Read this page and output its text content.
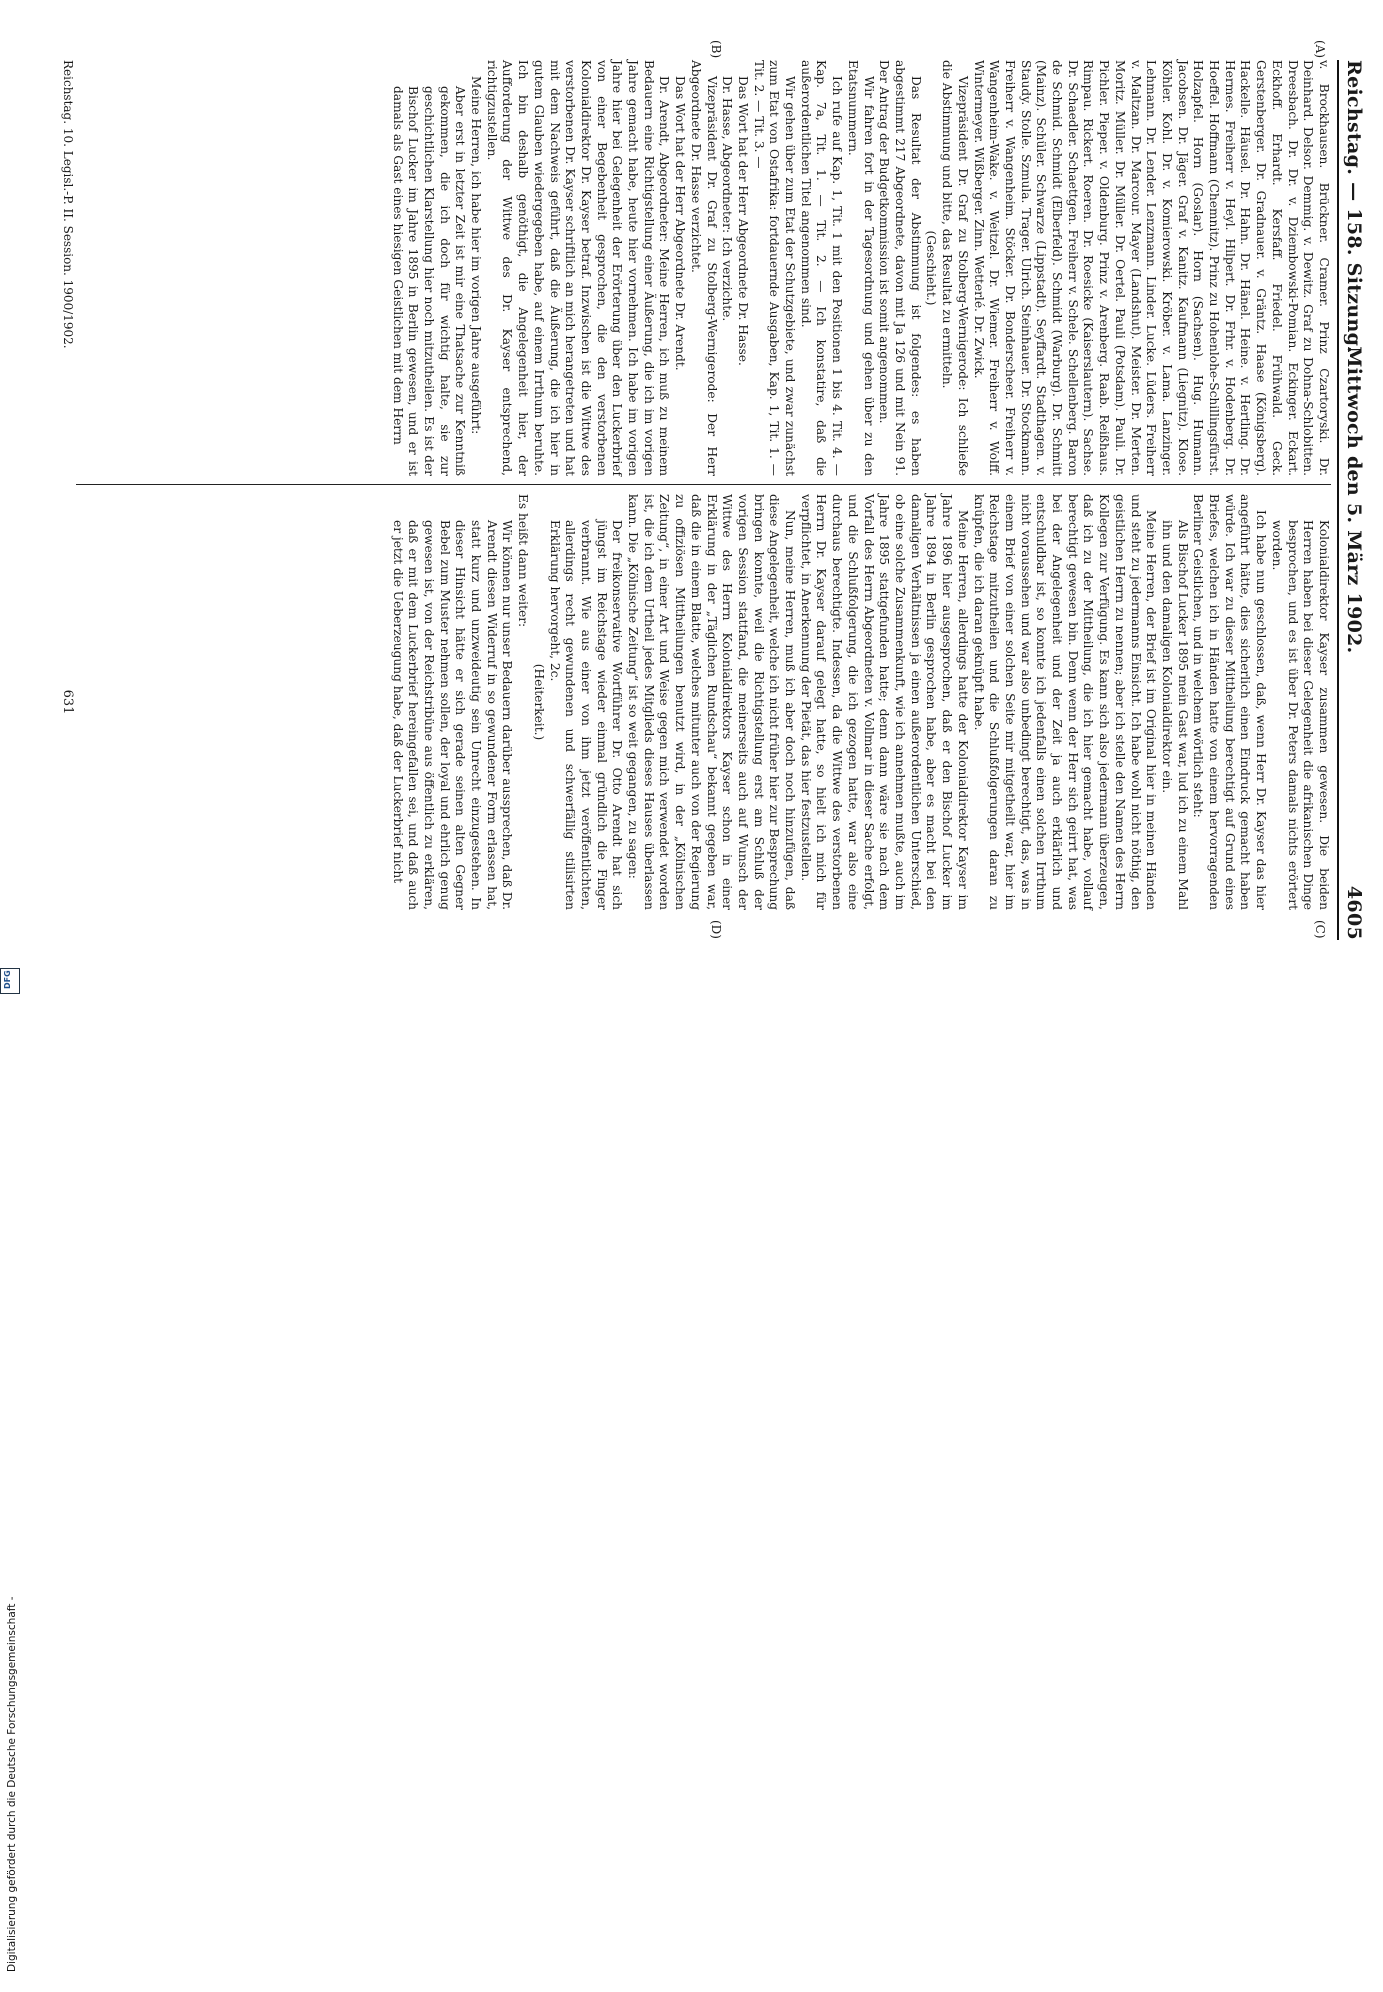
Reichstag. — 158. Sitzung.
Mittwoch den 5. März 1902.
4605
(A)
(B)
(C)
(D)

v. Brockhausen. Brückner. Cramer. Prinz Czartoryski. Dr. Deinhard. Delsor. Demmig. v. Dewitz. Graf zu Dohna-Schlobitten. Dreesbach. Dr. Dr. v. Dziembowski-Pomian. Eckinger. Eckart. Eckhoff. Erhardt. Kersfaff. Friedel. Frühwald. Geck. Gerstenberger. Dr. Gradnauer. v. Gräntz. Haase (Königsberg). Hackelle. Häusel. Dr. Hahn. Dr. Hänel. Heine. v. Hertling. Dr. Hermes. Freiherr v. Heyl. Hilpert. Dr. Frhr. v. Hodenberg. Dr. Hoeffel. Hoffmann (Chemnitz). Prinz zu Hohenlohe-Schillingsfürst. Holzapfel. Horn (Goslar). Horn (Sachsen). Hug. Humann. Jacobsen. Dr. Jäger. Graf v. Kanitz. Kaufmann (Liegnitz). Klose. Köhler. Kohl. Dr. v. Komierowski. Kröber. v. Lama. Lanzinger. Lehmann. Dr. Lender. Lenzmann. Linder. Lucke. Lüders. Freiherr v. Maltzan. Dr. Marcour. Mayer (Landshut). Meister. Dr. Merten. Moritz. Müller. Dr. Müller. Dr. Oertel. Pauli (Potsdam). Pauli. Dr. Pichler. Pieper. v. Oldenburg. Prinz v. Arenberg. Raab. Reißhaus. Rimpau. Rickert. Roeren. Dr. Roesicke (Kaiserslautern). Sachse. Dr. Schaedler. Schaettgen. Freiherr v. Schele. Schellenberg. Baron de Schmid. Schmidt (Elberfeld). Schmidt (Warburg). Dr. Schmitt (Mainz). Schüler. Schwarze (Lippstadt). Seyffardt. Stadthagen. v. Staudy. Stolle. Szmula. Trager. Ulrich. Steinhauer. Dr. Stockmann. Freiherr v. Wangenheim. Stöcker. Dr. Bonderscheer. Freiherr v. Wangenheim-Wake. v. Weitzel. Dr. Wiemer. Freiherr v. Wolff. Wintermeyer. Wißberger. Zinn. Wetterlé. Dr. Zwick.

Vizepräsident Dr. Graf zu Stolberg-Wernigerode: Ich schließe die Abstimmung und bitte, das Resultat zu ermitteln.

(Geschieht.)

Das Resultat der Abstimmung ist folgendes: es haben abgestimmt 217 Abgeordnete, davon mit Ja 126 und mit Nein 91. Der Antrag der Budgetkommission ist somit angenommen.

Wir fahren fort in der Tagesordnung und gehen über zu den Etatsnummern.

Ich rufe auf Kap. 1, Tit. 1 mit den Positionen 1 bis 4. Tit. 4. — Kap. 7a, Tit. 1. — Tit. 2. — Ich konstatire, daß die außerordentlichen Titel angenommen sind.

Wir gehen über zum Etat der Schutzgebiete, und zwar zunächst zum Etat von Ostafrika: fortdauernde Ausgaben, Kap. 1, Tit. 1. — Tit. 2. — Tit. 3. —

Das Wort hat der Herr Abgeordnete Dr. Hasse.

Dr. Hasse, Abgeordneter: Ich verzichte.

Vizepräsident Dr. Graf zu Stolberg-Wernigerode: Der Herr Abgeordnete Dr. Hasse verzichtet.

Das Wort hat der Herr Abgeordnete Dr. Arendt.

Dr. Arendt, Abgeordneter: Meine Herren, ich muß zu meinem Bedauern eine Richtigstellung einer Äußerung, die ich im vorigen Jahre gemacht habe, heute hier vornehmen. Ich habe im vorigen Jahre hier bei Gelegenheit der Erörterung über den Luckerbrief von einer Begebenheit gesprochen, die den verstorbenen Kolonialdirektor Dr. Kayser betraf. Inzwischen ist die Wittwe des verstorbenen Dr. Kayser schriftlich an mich herangetreten und hat mit dem Nachweis geführt, daß die Äußerung, die ich hier in gutem Glauben wiedergegeben habe, auf einem Irrthum beruhte. Ich bin deshalb genöthigt, die Angelegenheit hier, der Aufforderung der Wittwe des Dr. Kayser entsprechend, richtigzustellen.

Meine Herren, ich habe hier im vorigen Jahre ausgeführt:

Aber erst in letzter Zeit ist mir eine Thatsache zur Kenntniß gekommen, die ich doch für wichtig halte, sie zur geschichtlichen Klarstellung hier noch mitzutheilen. Es ist der Bischof Lucker im Jahre 1895 in Berlin gewesen, und er ist damals als Gast eines hiesigen Geistlichen mit dem Herrn

Kolonialdirektor Kayser zusammen gewesen. Die beiden Herren haben bei dieser Gelegenheit die afrikanischen Dinge besprochen, und es ist über Dr. Peters damals nichts erörtert worden.

Ich habe nun geschlossen, daß, wenn Herr Dr. Kayser das hier angeführt hätte, dies sicherlich einen Eindruck gemacht haben würde. Ich war zu dieser Mittheilung berechtigt auf Grund eines Briefes, welchen ich in Händen hatte von einem hervorragenden Berliner Geistlichen, und in welchem wörtlich steht:

Als Bischof Lucker 1895 mein Gast war, lud ich zu einem Mahl ihn und den damaligen Kolonialdirektor ein.

Meine Herren, der Brief ist im Original hier in meinen Händen und steht zu jedermanns Einsicht. Ich habe wohl nicht nöthig, den geistlichen Herrn zu nennen; aber ich stelle den Namen des Herrn Kollegen zur Verfügung. Es kann sich also jedermann überzeugen, daß ich zu der Mittheilung, die ich hier gemacht habe, vollauf berechtigt gewesen bin. Denn wenn der Herr sich geirrt hat, was bei der Angelegenheit und der Zeit ja auch erklärlich und entschuldbar ist, so konnte ich jedenfalls einen solchen Irrthum nicht voraussehen und war also unbedingt berechtigt, das, was in einem Brief von einer solchen Seite mir mitgetheilt war, hier im Reichstage mitzutheilen und die Schlußfolgerungen daran zu knüpfen, die ich daran geknüpft habe.

Meine Herren, allerdings hatte der Kolonialdirektor Kayser im Jahre 1896 hier ausgesprochen, daß er den Bischof Lucker im Jahre 1894 in Berlin gesprochen habe, aber es macht bei den damaligen Verhältnissen ja einen außerordentlichen Unterschied, ob eine solche Zusammenkunft, wie ich annehmen mußte, auch im Jahre 1895 stattgefunden hatte; denn dann wäre sie nach dem Vorfall des Herrn Abgeordneten v. Vollmar in dieser Sache erfolgt, und die Schlußfolgerung, die ich gezogen hatte, war also eine durchaus berechtigte. Indessen, da die Wittwe des verstorbenen Herrn Dr. Kayser darauf gelegt hatte, so hielt ich mich für verpflichtet, in Anerkennung der Pietät, das hier festzustellen.

Nun, meine Herren, muß ich aber doch noch hinzufügen, daß diese Angelegenheit, welche ich nicht früher hier zur Besprechung bringen konnte, weil die Richtigstellung erst am Schluß der vorigen Session stattfand, die meinerseits auch auf Wunsch der Wittwe des Herrn Kolonialdirektors Kayser schon in einer Erklärung in der „Täglichen Rundschau“ bekannt gegeben war, daß die in einem Blatte, welches mitunter auch von der Regierung zu offiziösen Mittheilungen benutzt wird, in der „Kölnischen Zeitung“, in einer Art und Weise gegen mich verwendet worden ist, die ich dem Urtheil jedes Mitglieds dieses Hauses überlassen kann. Die „Kölnische Zeitung“ ist so weit gegangen, zu sagen:

Der freikonservative Wortführer Dr. Otto Arendt hat sich jüngst im Reichstage wieder einmal gründlich die Finger verbrannt. Wie aus einer von ihm jetzt veröffentlichten, allerdings recht gewundenen und schwerfällig stilisirten Erklärung hervorgeht, 2c.

(Heiterkeit.)

Es heißt dann weiter:

Wir können nur unser Bedauern darüber aussprechen, daß Dr. Arendt diesen Widerruf in so gewundener Form erlassen hat, statt kurz und unzweideutig sein Unrecht einzugestehen. In dieser Hinsicht hätte er sich gerade seinen alten Gegner Bebel zum Muster nehmen sollen, der loyal und ehrlich genug gewesen ist, von der Reichstribüne aus öffentlich zu erklären, daß er mit dem Luckerbrief hereingefallen sei, und daß auch er jetzt die Ueberzeugung habe, daß der Luckerbrief nicht

Reichstag. 10. Legisl.-P. II. Session. 1900/1902.
631
Digitalisierung gefördert durch die Deutsche Forschungsgemeinschaft -
DFG
